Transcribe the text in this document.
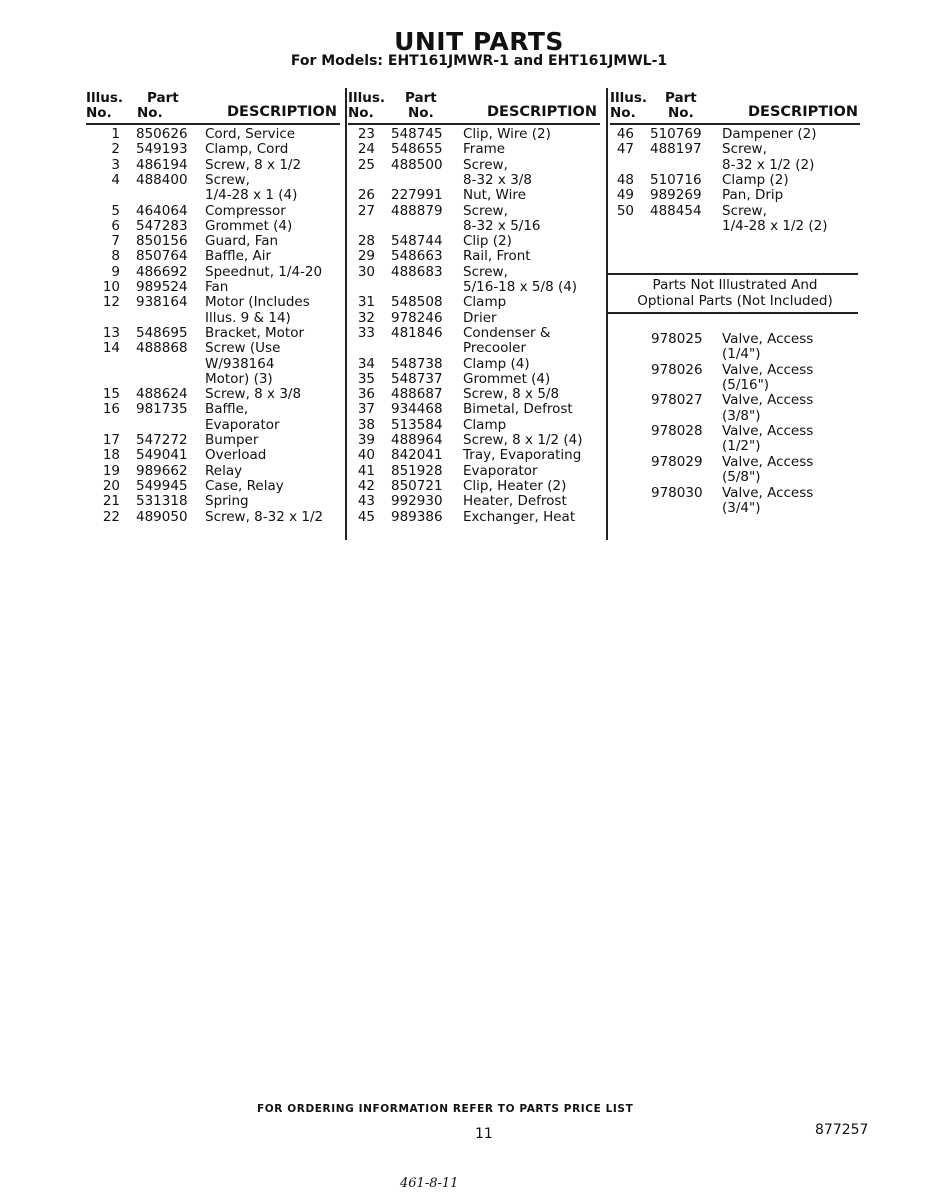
UNIT PARTS
For Models: EHT161JMWR-1 and EHT161JMWL-1
Illus.
No.
Part
No.	DESCRIPTION
1 850626 Cord, Service
2 549193 Clamp, Cord
3 486194 Screw, 8 x 1/2
4 488400 Screw,
1/4-28 x 1 (4)
5 464064 Compressor
6 547283 Grommet (4)
7 850156 Guard, Fan
8 850764 Baffle, Air
9 486692 Speednut, 1/4-20
10 989524 Fan
12 938164 Motor (Includes
Illus. 9 & 14)
13 548695 Bracket, Motor
14 488868 Screw (Use
W/938164
Motor) (3)
15 488624 Screw, 8 x 3/8
16 981735 Baffle,
Evaporator
17 547272 Bumper
18 549041 Overload
19 989662 Relay
20 549945 Case, Relay
21 531318 Spring
22 489050 Screw, 8-32 x 1/2
Illus.
No.
Part
No.	DESCRIPTION
23 548745 Clip, Wire (2)
24 548655 Frame
25 488500 Screw,
8-32 x 3/8
26 227991 Nut, Wire
27 488879 Screw,
8-32 x 5/16
28 548744 Clip (2)
29 548663 Rail, Front
30 488683 Screw,
5/16-18 x 5/8 (4)
31 548508 Clamp
32 978246 Drier
33 481846 Condenser &
Precooler
34 548738 Clamp (4)
35 548737 Grommet (4)
36 488687 Screw, 8 x 5/8
37 934468 Bimetal, Defrost
38 513584 Clamp
39 488964 Screw, 8 x 1/2 (4)
40 842041 Tray, Evaporating
41 851928 Evaporator
42 850721 Clip, Heater (2)
43 992930 Heater, Defrost
45 989386 Exchanger, Heat
Illus.
No.
Part
No.	DESCRIPTION
46 510769 Dampener (2)
47 488197 Screw,
8-32 x 1/2 (2)
48 510716 Clamp (2)
49 989269 Pan, Drip
50 488454 Screw,
1/4-28 x 1/2 (2)
978025 Valve, Access
(1/4")
978026 Valve, Access
(5/16")
978027 Valve, Access
(3/8")
978028 Valve, Access
(1/2")
978029 Valve, Access
(5/8")
978030 Valve, Access
(3/4")
Parts Not Illustrated And
Optional Parts (Not Included)
FOR ORDERING INFORMATION REFER TO PARTS PRICE LIST
11	877257
461-8-11
